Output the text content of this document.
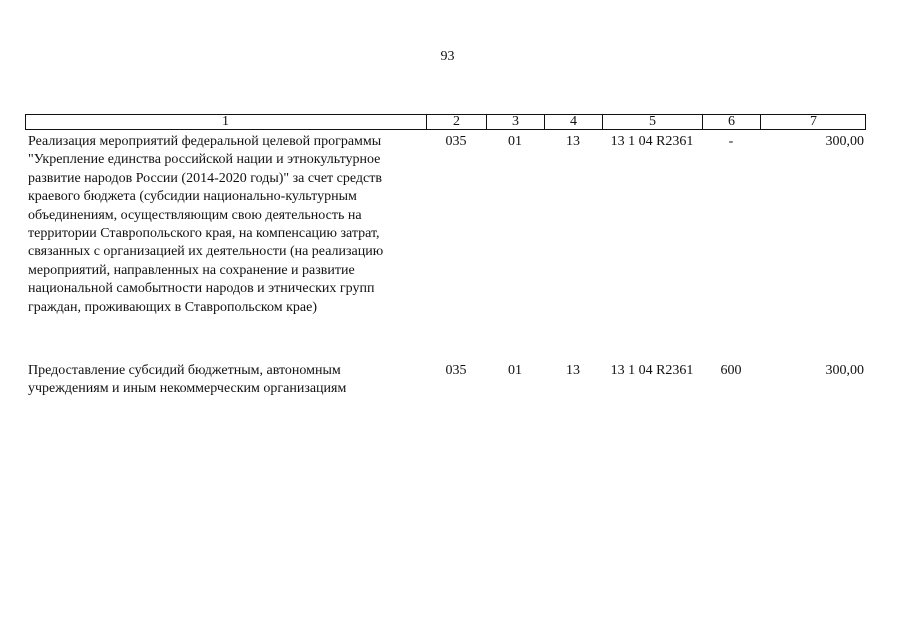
93
1	2	3	4	5	6	7
Реализация мероприятий федеральной целевой программы
"Укрепление единства российской нации и этнокультурное
развитие народов России (2014-2020 годы)" за счет средств
краевого бюджета (субсидии национально-культурным
объединениям, осуществляющим свою деятельность на
территории Ставропольского края, на компенсацию затрат,
связанных с организацией их деятельности (на реализацию
мероприятий, направленных на сохранение и развитие
национальной самобытности народов и этнических групп
граждан, проживающих в Ставропольском крае)
035	01	13	13 1 04 R2361	-	300,00
Предоставление субсидий бюджетным, автономным
учреждениям и иным некоммерческим организациям
035	01	13	13 1 04 R2361	600	300,00
